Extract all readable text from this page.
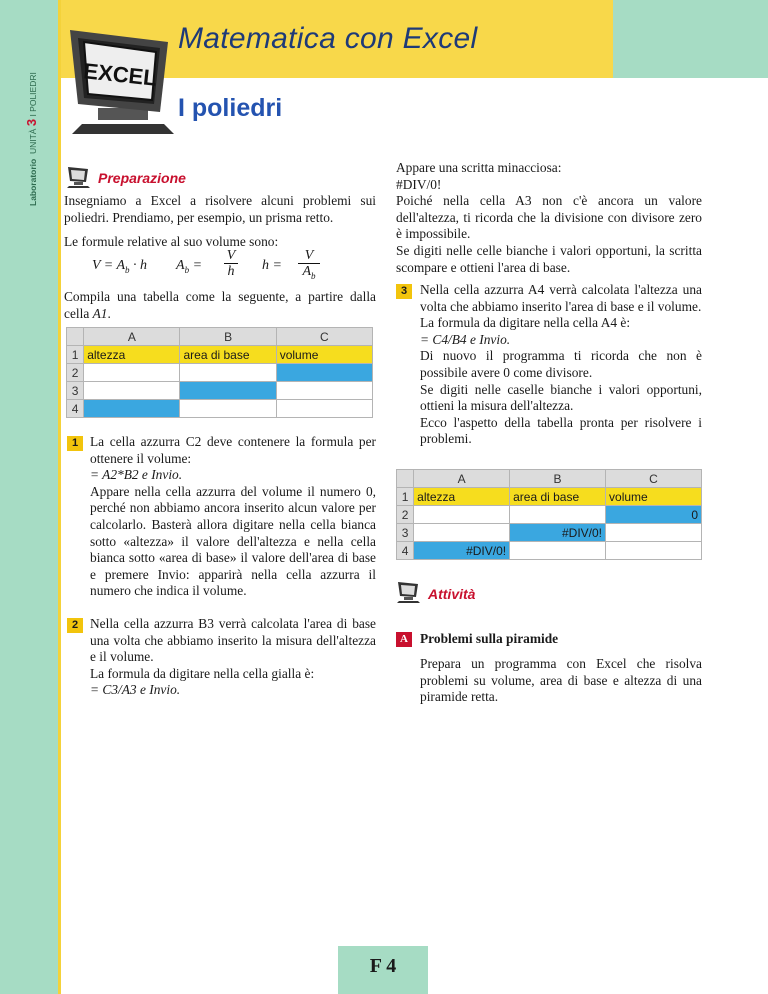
Laboratorio  UNITÀ 3 I POLIEDRI EXCEL
Matematica con Excel
I poliedri
Preparazione

Insegniamo a Excel a risolvere alcuni problemi sui poliedri. Prendiamo, per esempio, un prisma retto.

Le formule relative al suo volume sono:

$V = A_b \cdot h$ $A_b$ =
V
h h =
V
$A_b$

Compila una tabella come la seguente, a partire dalla cella A1.

	A	B	C
1	altezza	area di base	volume
2			
3			
4			
1 La cella azzurra C2 deve contenere la formula per ottenere il volume:

= A2*B2 e Invio.

Appare nella cella azzurra del volume il numero 0, perché non abbiamo ancora inserito alcun valore per calcolarlo. Basterà allora digitare nella cella bianca sotto «altezza» il valore dell'altezza e nella cella bianca sotto «area di base» il valore dell'area di base e premere Invio: apparirà nella cella azzurra il numero che indica il volume.

2 Nella cella azzurra B3 verrà calcolata l'area di base una volta che abbiamo inserito la misura dell'altezza e il volume.

La formula da digitare nella cella gialla è:

= C3/A3 e Invio.

Appare una scritta minacciosa:

#DIV/0!

Poiché nella cella A3 non c'è ancora un valore dell'altezza, ti ricorda che la divisione con divisore zero è impossibile.

Se digiti nelle celle bianche i valori opportuni, la scritta scompare e ottieni l'area di base.

3 Nella cella azzurra A4 verrà calcolata l'altezza una volta che abbiamo inserito l'area di base e il volume.

La formula da digitare nella cella A4 è:

= C4/B4 e Invio.

Di nuovo il programma ti ricorda che non è possibile avere 0 come divisore.

Se digiti nelle caselle bianche i valori opportuni, ottieni la misura dell'altezza.

Ecco l'aspetto della tabella pronta per risolvere i problemi.

	A	B	C
1	altezza	area di base	volume
2			0
3		#DIV/0!	
4	#DIV/0!		
Attività
A Problemi sulla piramide

Prepara un programma con Excel che risolva problemi su volume, area di base e altezza di una piramide retta.

F 4
